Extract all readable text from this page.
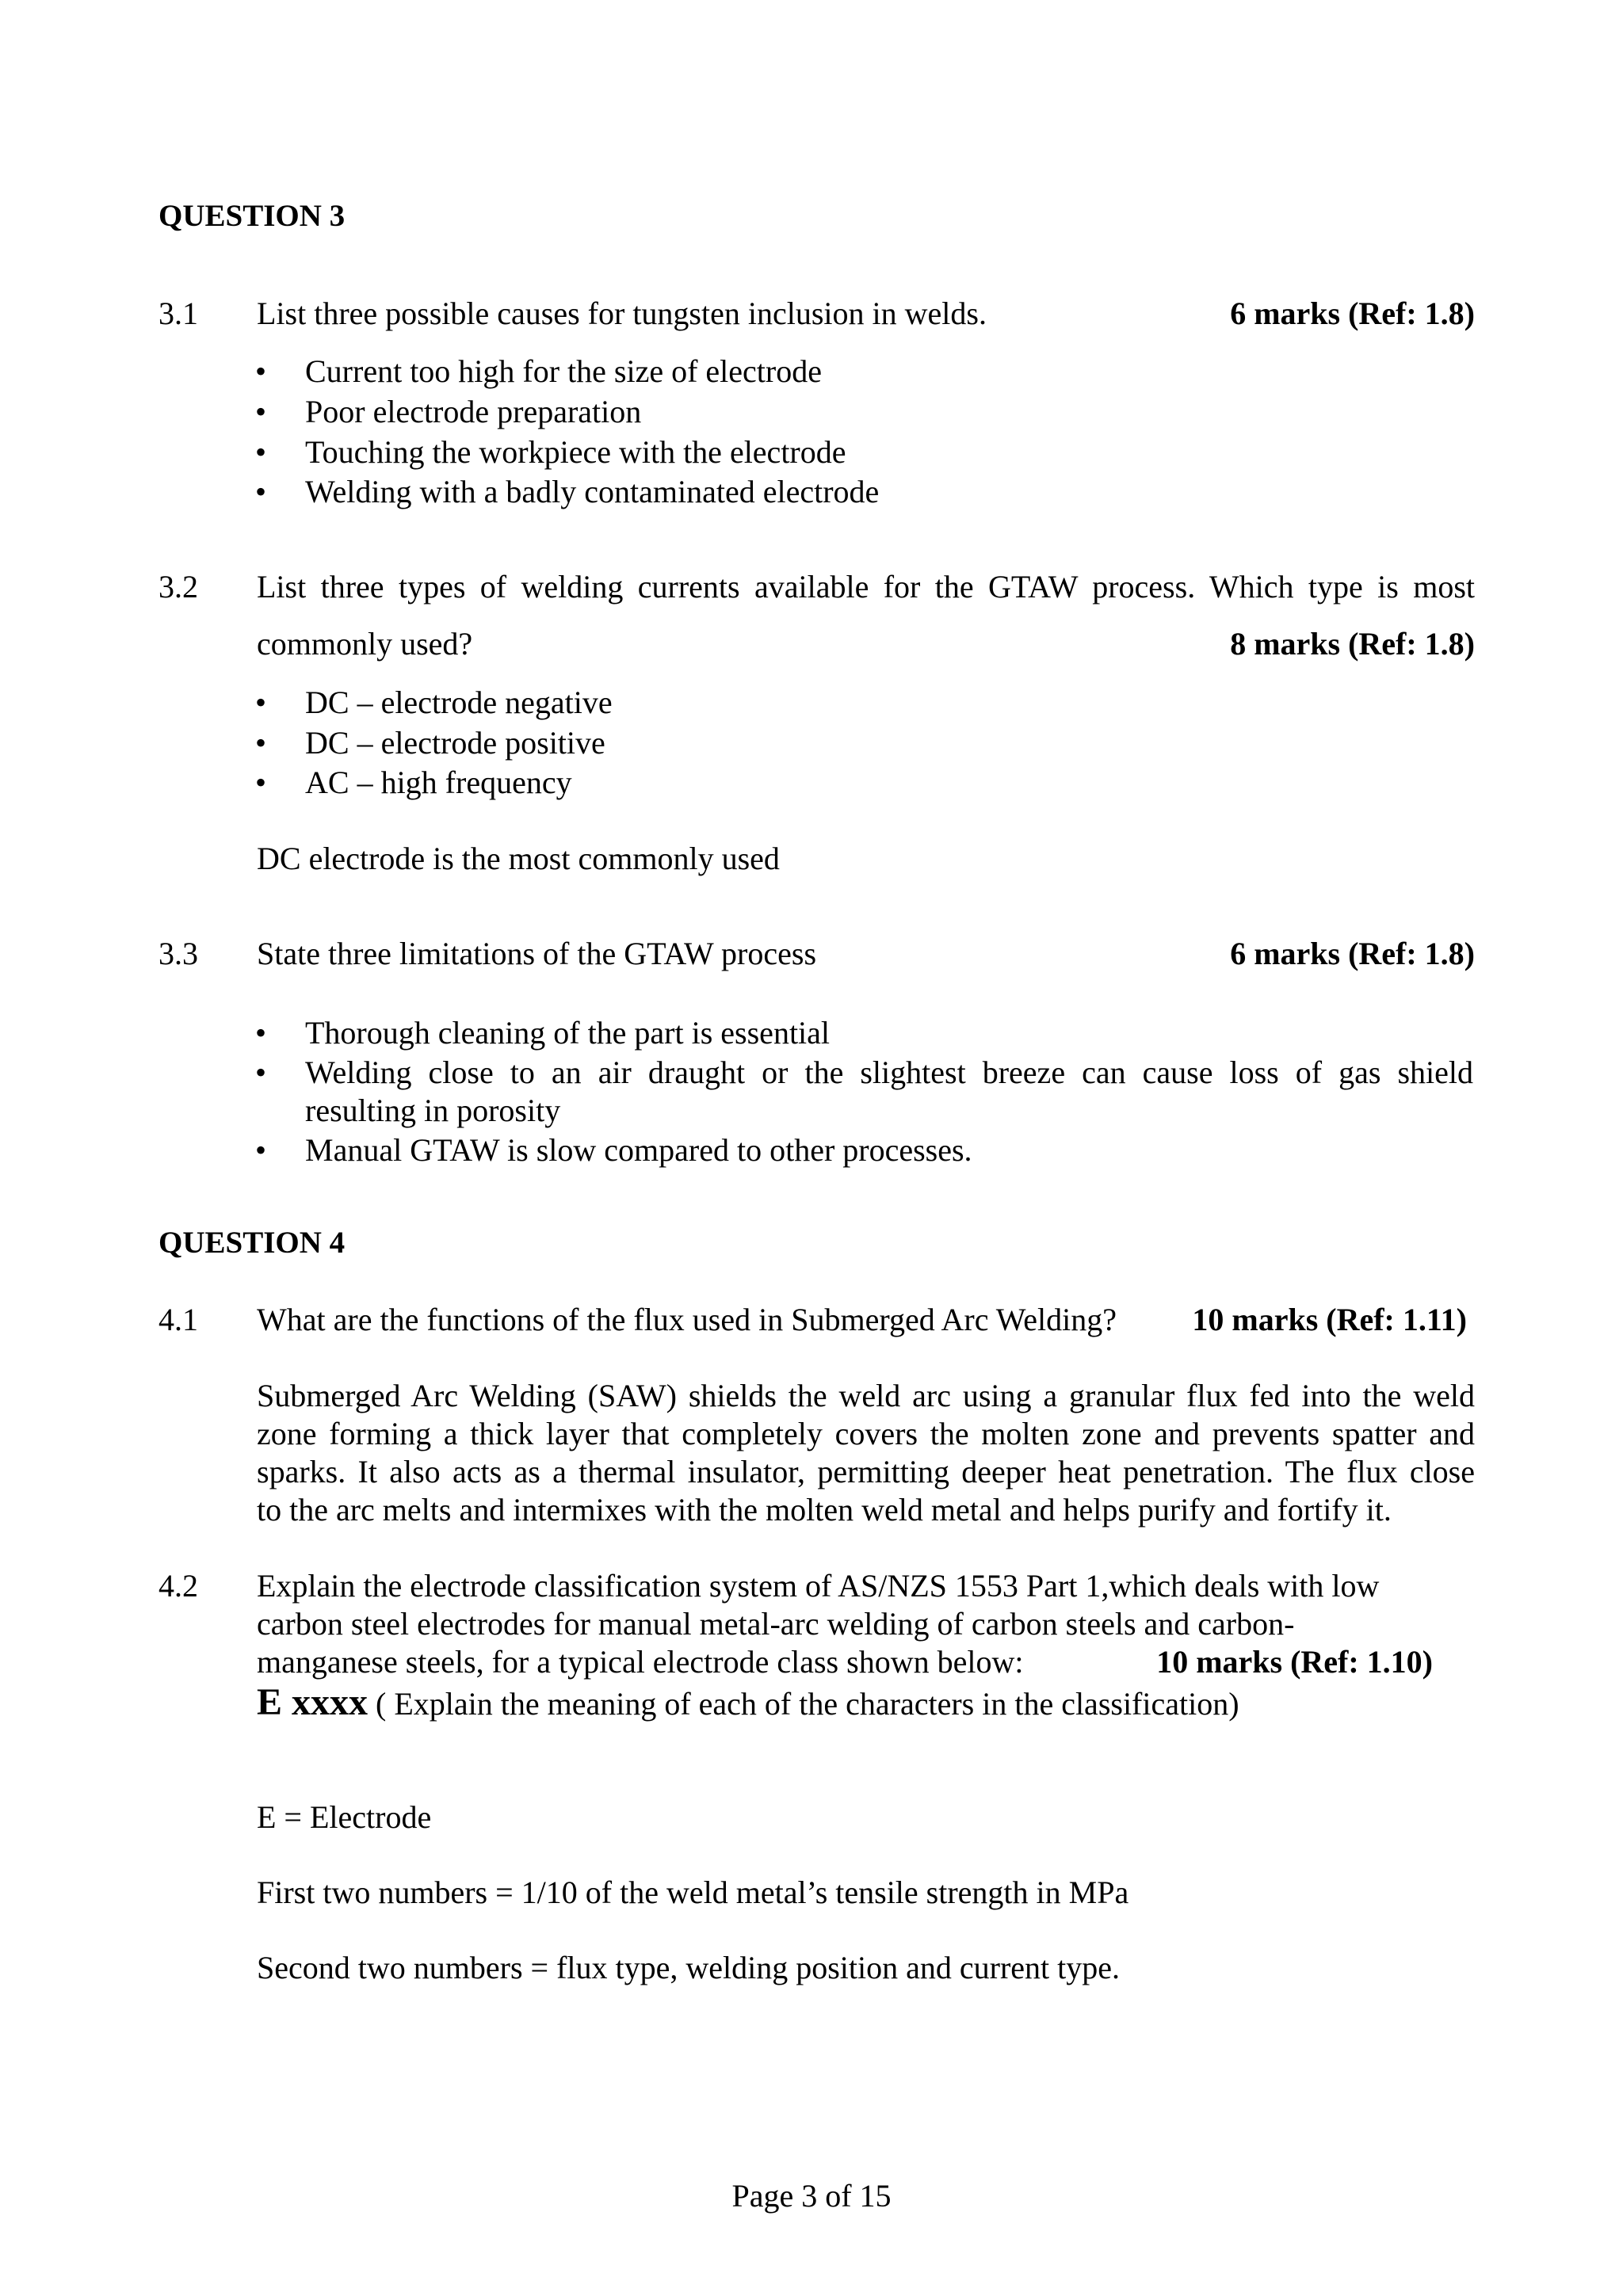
QUESTION 3
3.1 List three possible causes for tungsten inclusion in welds.	6 marks (Ref: 1.8)
•	Current too high for the size of electrode
•	Poor electrode preparation
•	Touching the workpiece with the electrode
•	Welding with a badly contaminated electrode
3.2 List three types of welding currents available for the GTAW process. Which type is most
commonly used?	8 marks (Ref: 1.8)
•	DC – electrode negative
•	DC – electrode positive
•	AC – high frequency
DC electrode is the most commonly used
3.3 State three limitations of the GTAW process	6 marks (Ref: 1.8)
•	Thorough cleaning of the part is essential
•	Welding close to an air draught or the slightest breeze can cause loss of gas shield
resulting in porosity
•	Manual GTAW is slow compared to other processes.
QUESTION 4
4.1 What are the functions of the flux used in Submerged Arc Welding? 10 marks (Ref: 1.11)
Submerged Arc Welding (SAW) shields the weld arc using a granular flux fed into the weld
zone forming a thick layer that completely covers the molten zone and prevents spatter and
sparks. It also acts as a thermal insulator, permitting deeper heat penetration. The flux close
to the arc melts and intermixes with the molten weld metal and helps purify and fortify it.
4.2 Explain the electrode classification system of AS/NZS 1553 Part 1,which deals with low
carbon steel electrodes for manual metal-arc welding of carbon steels and carbon-
manganese steels, for a typical electrode class shown below:	10 marks (Ref: 1.10)
E xxxx ( Explain the meaning of each of the characters in the classification)
E = Electrode
First two numbers = 1/10 of the weld metal’s tensile strength in MPa
Second two numbers = flux type, welding position and current type.
Page 3 of 15
